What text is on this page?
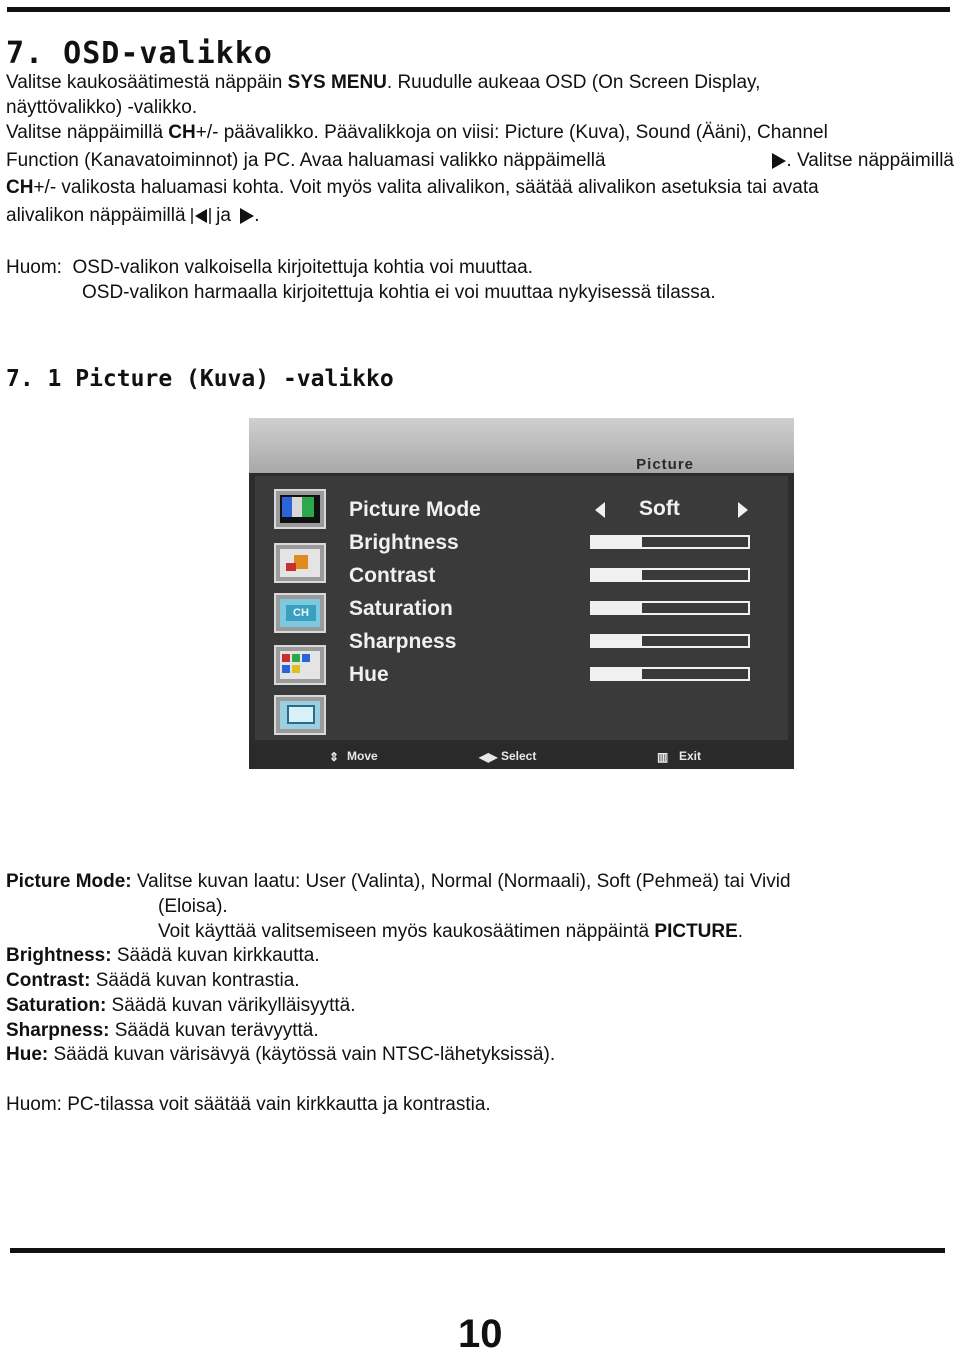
7. OSD-valikko
Valitse kaukosäätimestä näppäin SYS MENU. Ruudulle aukeaa OSD (On Screen Display,
näyttövalikko) -valikko.
Valitse näppäimillä CH+/- päävalikko. Päävalikkoja on viisi: Picture (Kuva), Sound (Ääni), Channel
Function (Kanavatoiminnot) ja PC. Avaa haluamasi valikko näppäimellä	. Valitse näppäimillä
CH+/- valikosta haluamasi kohta. Voit myös valita alivalikon, säätää alivalikon asetuksia tai avata
alivalikon näppäimillä ja .
Huom: OSD-valikon valkoisella kirjoitettuja kohtia voi muuttaa.
OSD-valikon harmaalla kirjoitettuja kohtia ei voi muuttaa nykyisessä tilassa.
7. 1 Picture (Kuva) -valikko
Picture
CH
Picture Mode
Brightness
Contrast
Saturation
Sharpness
Hue
Soft
⇕ Move	◀▶ Select	▥ Exit
Picture Mode: Valitse kuvan laatu: User (Valinta), Normal (Normaali), Soft (Pehmeä) tai Vivid
(Eloisa).
Voit käyttää valitsemiseen myös kaukosäätimen näppäintä PICTURE.
Brightness: Säädä kuvan kirkkautta.
Contrast: Säädä kuvan kontrastia.
Saturation: Säädä kuvan värikylläisyyttä.
Sharpness: Säädä kuvan terävyyttä.
Hue: Säädä kuvan värisävyä (käytössä vain NTSC-lähetyksissä).
Huom: PC-tilassa voit säätää vain kirkkautta ja kontrastia.
10
